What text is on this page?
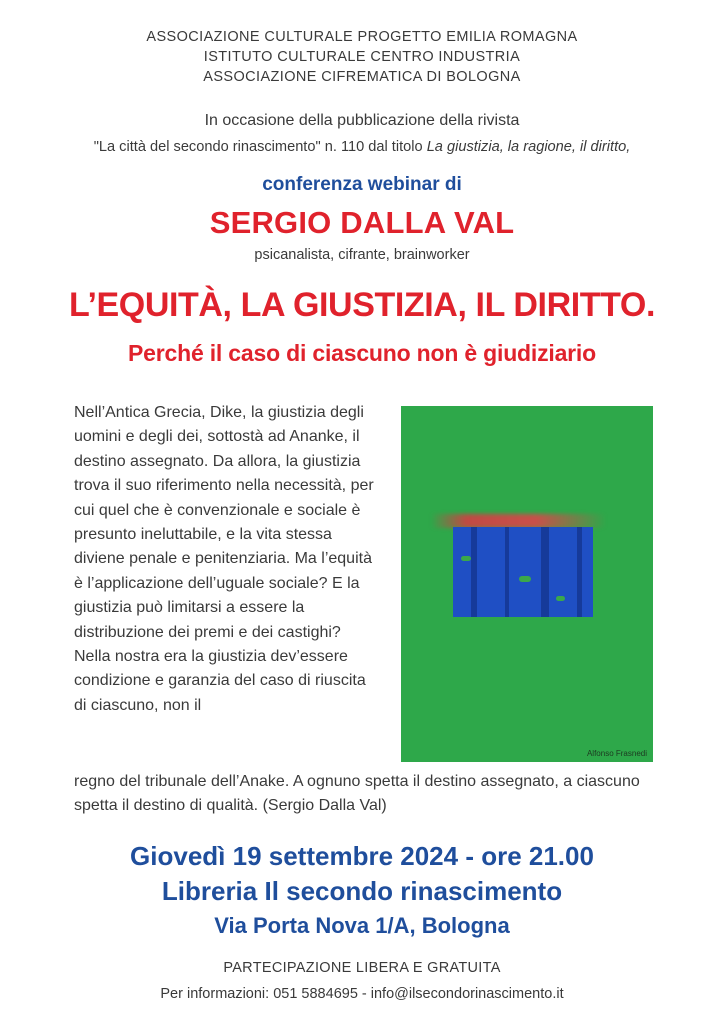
ASSOCIAZIONE CULTURALE PROGETTO EMILIA ROMAGNA
ISTITUTO CULTURALE CENTRO INDUSTRIA
ASSOCIAZIONE CIFREMATICA DI BOLOGNA
In occasione della pubblicazione della rivista
"La città del secondo rinascimento" n. 110 dal titolo La giustizia, la ragione, il diritto,
conferenza webinar di
SERGIO DALLA VAL
psicanalista, cifrante, brainworker
L’EQUITÀ, LA GIUSTIZIA, IL DIRITTO.
Perché il caso di ciascuno non è giudiziario
Nell’Antica Grecia, Dike, la giustizia degli uomini e degli dei, sottostà ad Ananke, il destino assegnato. Da allora, la giustizia trova il suo riferimento nella necessità, per cui quel che è convenzionale e sociale è presunto ineluttabile, e la vita stessa diviene penale e penitenziaria. Ma l’equità è l’applicazione dell’uguale sociale? E la giustizia può limitarsi a essere la distribuzione dei premi e dei castighi? Nella nostra era la giustizia dev’essere condizione e garanzia del caso di riuscita di ciascuno, non il
Alfonso Frasnedi
regno del tribunale dell’Anake. A ognuno spetta il destino assegnato, a ciascuno spetta il destino di qualità. (Sergio Dalla Val)
Giovedì 19 settembre 2024 - ore 21.00
Libreria Il secondo rinascimento
Via Porta Nova 1/A, Bologna
PARTECIPAZIONE LIBERA E GRATUITA
Per informazioni: 051 5884695 - info@ilsecondorinascimento.it
